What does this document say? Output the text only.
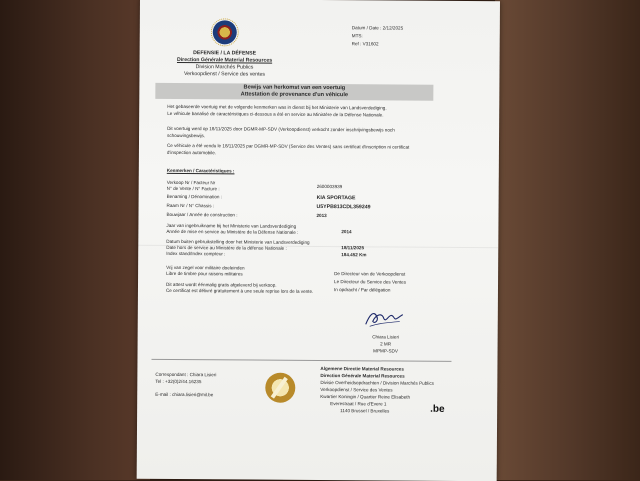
Datum / Date : 2/12/2025
MTS:
Ref : V31602
DEFENSIE / LA DÉFENSE
Direction Générale Material Resources
Division Marchés Publics
Verkoopdienst / Service des ventes
Bewijs van herkomst van een voertuig
Attestation de provenance d'un véhicule
Het gebaseerde voertuig met de volgende kenmerken was in dienst bij het Ministerie van Landsverdediging.
Le véhicule banalisé de caractéristiques ci-dessous a été en service au Ministère de la Défense Nationale.
Dit voertuig werd op 18/11/2025 door DGMR-MP-SDV (Verkoopdienst) verkocht zonder inschrijvingsbewijs noch
schouwingsbewijs.
Ce véhicule a été vendu le 18/11/2025 par DGMR-MP-SDV (Service des Ventes) sans certificat d'inscription ni certificat
d'inspection automobile.
Kenmerken / Caractéristiques :
Verkoop Nr / Facteur Nr
N° de Vente / N° Facture :	2600003939
Benaming / Dénomination :	KIA SPORTAGE
Raam Nr / N° Chassis :	U5YPB813CDL359249
Bouwjaar / Année de construction :	2013
Jaar van ingebruikname bij het Ministerie van Landsverdediging
Année de mise en service au Ministère de la Défense Nationale :	2014
Datum buiten gebruikstelling door het Ministerie van Landsverdediging
Date hors de service au Ministère de la défense Nationale :	18/11/2025
Index stand/Index compteur :	184.452 Km
Vrij van zegel voor militaire doeleinden
Libre de timbre pour raisons militaires
Dit attest wordt éénmalig gratis afgeleverd bij verkoop.
Ce certificat est délivré gratuitement à une seule reprise lors de la vente.
De Directeur van de Verkoopdienst
Le Directeur du Service des Ventes
In opdracht / Par délégation
Chiara Lisieri
2 MR
MPMP-SDV
Correspondant : Chiara Lisieri
Tel : +32(0)2/44.16235
E-mail : chiara.lisieri@mil.be
Algemene Directie Material Resources
Direction Générale Material Resources
Divisie Overheidsopdrachten / Division Marchés Publics
Verkoopdienst / Service des Ventes
Kwartier Koningin / Quartier Reine Elisabeth
Everestraat / Rue d'Evere 1
1140 Brussel / Bruxelles	.be
